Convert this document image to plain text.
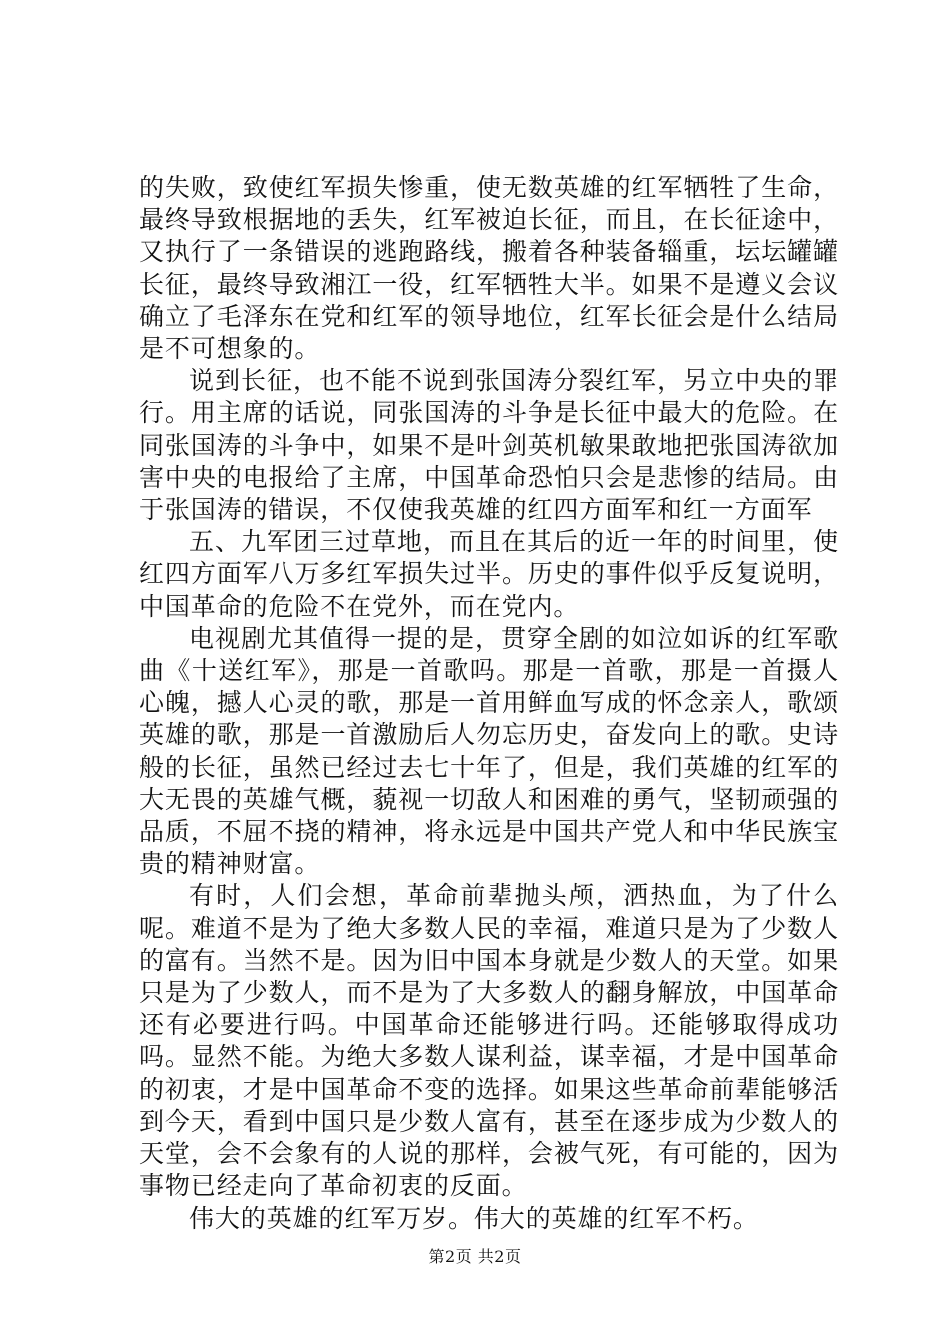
的失败，致使红军损失惨重，使无数英雄的红军牺牲了生命，最终导致根据地的丢失，红军被迫长征，而且，在长征途中，又执行了一条错误的逃跑路线，搬着各种装备辎重，坛坛罐罐长征，最终导致湘江一役，红军牺牲大半。如果不是遵义会议确立了毛泽东在党和红军的领导地位，红军长征会是什么结局是不可想象的。

说到长征，也不能不说到张国涛分裂红军，另立中央的罪行。用主席的话说，同张国涛的斗争是长征中最大的危险。在同张国涛的斗争中，如果不是叶剑英机敏果敢地把张国涛欲加害中央的电报给了主席，中国革命恐怕只会是悲惨的结局。由于张国涛的错误，不仅使我英雄的红四方面军和红一方面军

五、九军团三过草地，而且在其后的近一年的时间里，使红四方面军八万多红军损失过半。历史的事件似乎反复说明，中国革命的危险不在党外，而在党内。

电视剧尤其值得一提的是，贯穿全剧的如泣如诉的红军歌曲《十送红军》，那是一首歌吗。那是一首歌，那是一首摄人心魄，撼人心灵的歌，那是一首用鲜血写成的怀念亲人，歌颂英雄的歌，那是一首激励后人勿忘历史，奋发向上的歌。史诗般的长征，虽然已经过去七十年了，但是，我们英雄的红军的大无畏的英雄气概，藐视一切敌人和困难的勇气，坚韧顽强的品质，不屈不挠的精神，将永远是中国共产党人和中华民族宝贵的精神财富。

有时，人们会想，革命前辈抛头颅，洒热血，为了什么呢。难道不是为了绝大多数人民的幸福，难道只是为了少数人的富有。当然不是。因为旧中国本身就是少数人的天堂。如果只是为了少数人，而不是为了大多数人的翻身解放，中国革命还有必要进行吗。中国革命还能够进行吗。还能够取得成功吗。显然不能。为绝大多数人谋利益，谋幸福，才是中国革命的初衷，才是中国革命不变的选择。如果这些革命前辈能够活到今天，看到中国只是少数人富有，甚至在逐步成为少数人的天堂，会不会象有的人说的那样，会被气死，有可能的，因为事物已经走向了革命初衷的反面。

伟大的英雄的红军万岁。伟大的英雄的红军不朽。

第2页 共2页
